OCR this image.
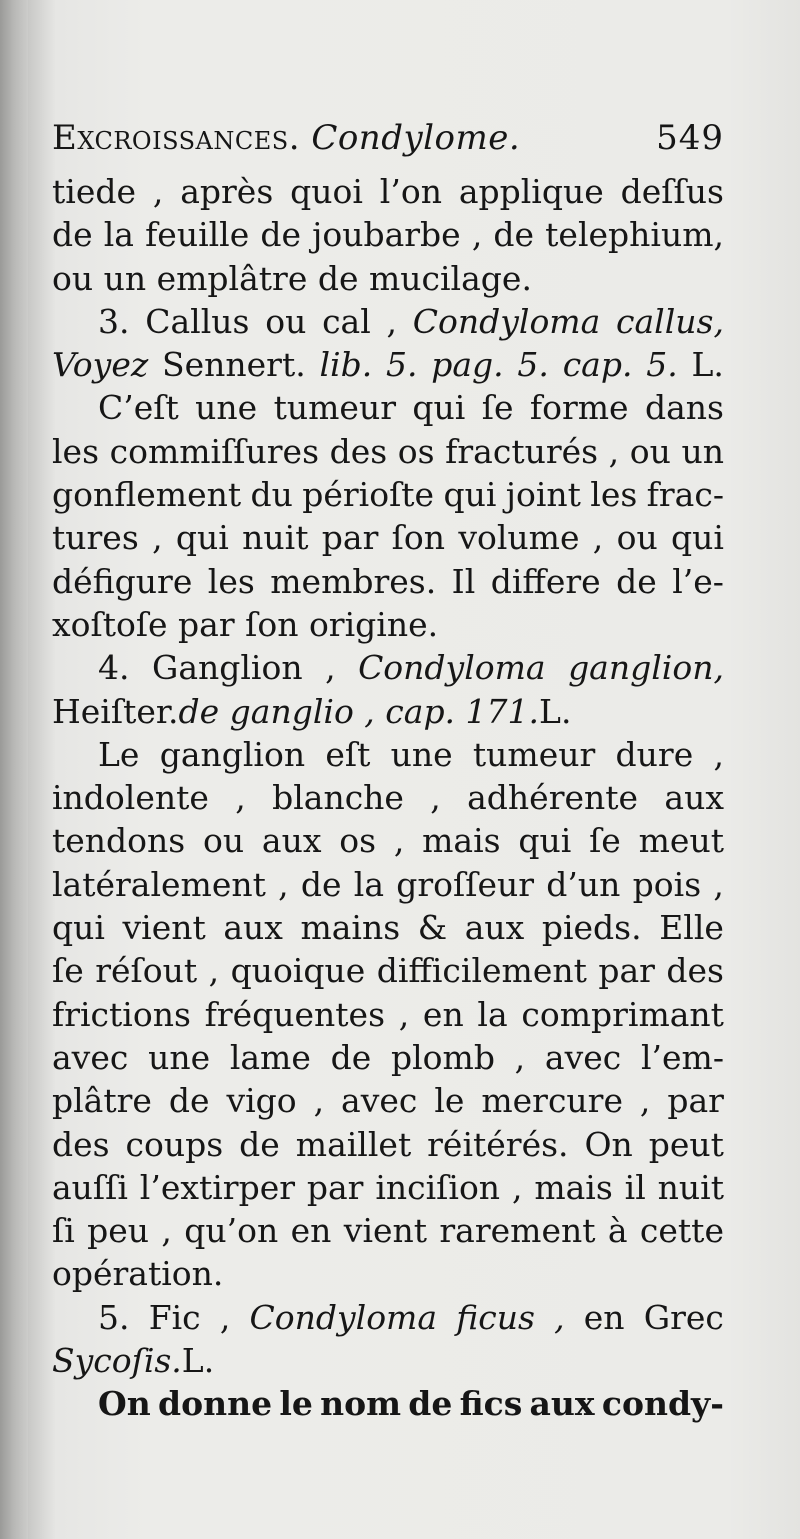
Excroissances. Condylome.	549
tiede , après quoi l’on applique deſſus
de la feuille de joubarbe , de telephium,
ou un emplâtre de mucilage.
3. Callus ou cal , Condyloma callus,
Voyez Sennert. lib. 5. pag. 5. cap. 5. L.
C’eſt une tumeur qui ſe forme dans
les commiſſures des os fracturés , ou un
gonflement du périoſte qui joint les frac-
tures , qui nuit par ſon volume , ou qui
défigure les membres. Il differe de l’e-
xoſtoſe par ſon origine.
4. Ganglion , Condyloma ganglion,
Heiſter. de ganglio , cap. 171. L.
Le ganglion eſt une tumeur dure ,
indolente , blanche , adhérente aux
tendons ou aux os , mais qui ſe meut
latéralement , de la groſſeur d’un pois ,
qui vient aux mains & aux pieds. Elle
ſe réſout , quoique difficilement par des
frictions fréquentes , en la comprimant
avec une lame de plomb , avec l’em-
plâtre de vigo , avec le mercure , par
des coups de maillet réitérés. On peut
auſſi l’extirper par inciſion , mais il nuit
ſi peu , qu’on en vient rarement à cette
opération.
5. Fic , Condyloma ficus , en Grec
Sycoſis. L.
On donne le nom de fics aux condy-
